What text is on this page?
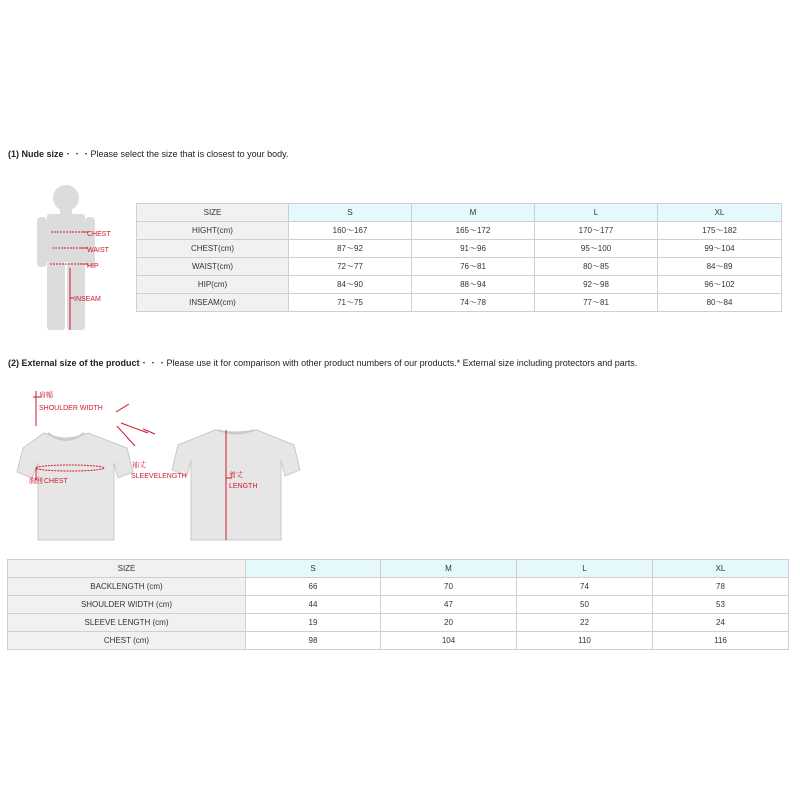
(1) Nude size・・・Please select the size that is closest to your body.
CHEST
WAIST
HIP
INSEAM
SIZE	S	M	L	XL
HIGHT(cm)	160～167	165～172	170～177	175～182
CHEST(cm)	87～92	91～96	95～100	99～104
WAIST(cm)	72～77	76～81	80～85	84～89
HIP(cm)	84～90	88～94	92～98	96～102
INSEAM(cm)	71～75	74～78	77～81	80～84
(2) External size of the product・・・Please use it for comparison with other product numbers of our products.* External size including protectors and parts.
肩幅
SHOULDER WIDTH
袖丈
SLEEVELENGTH
胸囲 CHEST
着丈
LENGTH
SIZE	S	M	L	XL
BACKLENGTH (cm)	66	70	74	78
SHOULDER WIDTH (cm)	44	47	50	53
SLEEVE LENGTH (cm)	19	20	22	24
CHEST (cm)	98	104	110	116
